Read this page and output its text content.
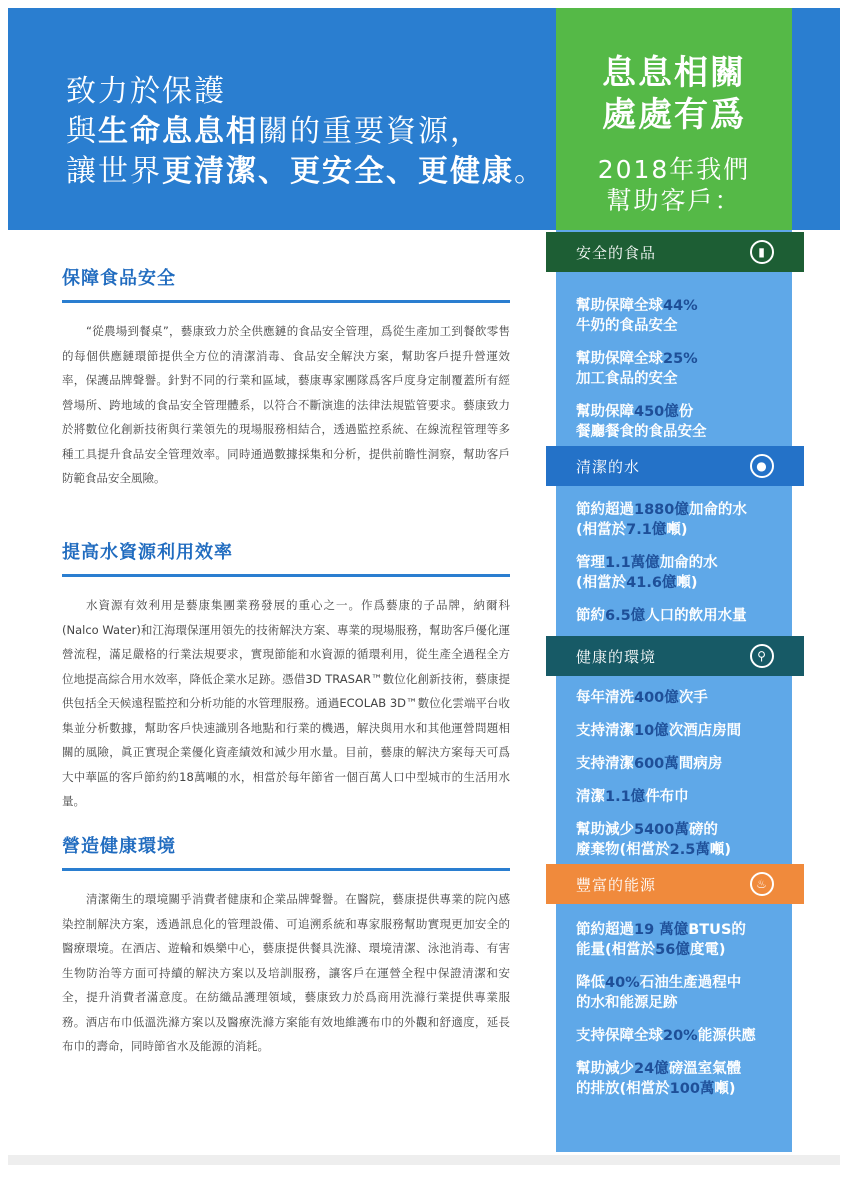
致力於保護
與生命息息相關的重要資源，
讓世界更清潔、更安全、更健康。
息息相關
處處有爲
2018年我們
幫助客戶：
保障食品安全

“從農場到餐桌”，藝康致力於全供應鏈的食品安全管理，爲從生產加工到餐飲零售的每個供應鏈環節提供全方位的清潔消毒、食品安全解決方案，幫助客戶提升營運效率，保護品牌聲譽。針對不同的行業和區域，藝康專家團隊爲客戶度身定制覆蓋所有經營場所、跨地域的食品安全管理體系，以符合不斷演進的法律法規監管要求。藝康致力於將數位化創新技術與行業領先的現場服務相結合，透過監控系統、在線流程管理等多種工具提升食品安全管理效率。同時通過數據採集和分析，提供前瞻性洞察，幫助客戶防範食品安全風險。

提高水資源利用效率

水資源有效利用是藝康集團業務發展的重心之一。作爲藝康的子品牌，納爾科(Nalco Water)和江海環保運用領先的技術解決方案、專業的現場服務，幫助客戶優化運營流程，滿足嚴格的行業法規要求，實現節能和水資源的循環利用，從生產全過程全方位地提高綜合用水效率，降低企業水足跡。憑借3D TRASAR™數位化創新技術，藝康提供包括全天候遠程監控和分析功能的水管理服務。通過ECOLAB 3D™數位化雲端平台收集並分析數據，幫助客戶快速識別各地點和行業的機遇，解決與用水和其他運營問題相關的風險，眞正實現企業優化資產績效和減少用水量。目前，藝康的解決方案每天可爲大中華區的客戶節約約18萬噸的水，相當於每年節省一個百萬人口中型城市的生活用水量。

營造健康環境

清潔衛生的環境關乎消費者健康和企業品牌聲譽。在醫院，藝康提供專業的院內感染控制解決方案，透過訊息化的管理設備、可追溯系統和專家服務幫助實現更加安全的醫療環境。在酒店、遊輪和娛樂中心，藝康提供餐具洗滌、環境清潔、泳池消毒、有害生物防治等方面可持續的解決方案以及培訓服務，讓客戶在運營全程中保證清潔和安全，提升消費者滿意度。在紡織品護理領域，藝康致力於爲商用洗滌行業提供專業服務。酒店布巾低溫洗滌方案以及醫療洗滌方案能有效地維護布巾的外觀和舒適度，延長布巾的壽命，同時節省水及能源的消耗。

安全的食品	▮
幫助保障全球44%
牛奶的食品安全
幫助保障全球25%
加工食品的安全
幫助保障450億份
餐廳餐食的食品安全
清潔的水	●
節約超過1880億加侖的水
(相當於7.1億噸)
管理1.1萬億加侖的水
(相當於41.6億噸)
節約6.5億人口的飲用水量
健康的環境	⚲
每年清洗400億次手
支持清潔10億次酒店房間
支持清潔600萬間病房
清潔1.1億件布巾
幫助減少5400萬磅的
廢棄物(相當於2.5萬噸)
豐富的能源	♨
節約超過19 萬億BTUS的
能量(相當於56億度電)
降低40%石油生產過程中
的水和能源足跡
支持保障全球20%能源供應
幫助減少24億磅溫室氣體
的排放(相當於100萬噸)
